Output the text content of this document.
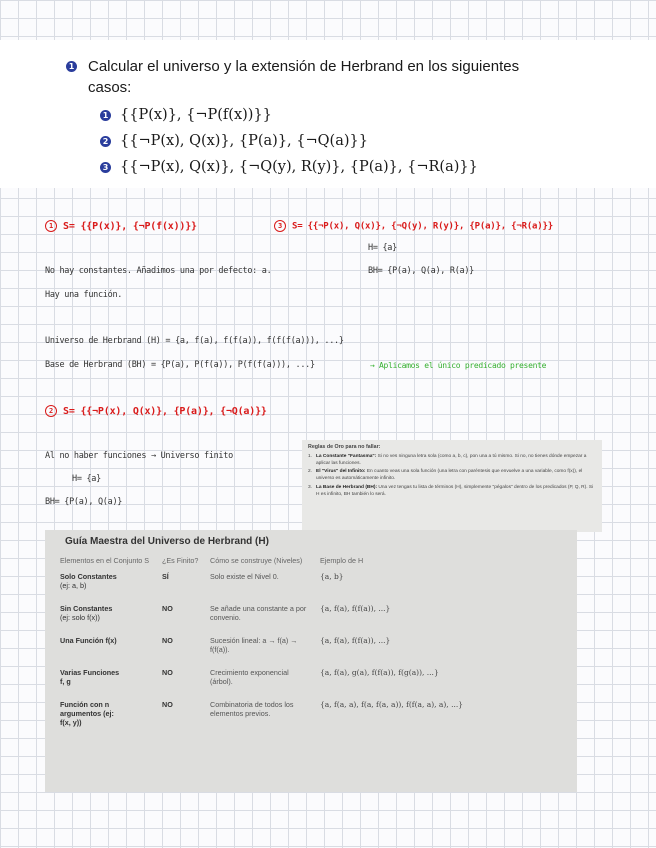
1 Calcular el universo y la extensión de Herbrand en los siguientes casos:
1 {{P(x)}, {¬P(f(x))}}
2 {{¬P(x), Q(x)}, {P(a)}, {¬Q(a)}}
3 {{¬P(x), Q(x)}, {¬Q(y), R(y)}, {P(a)}, {¬R(a)}}
1 S= {{P(x)}, {¬P(f(x))}}
No hay constantes. Añadimos una por defecto: a.
Hay una función.
Universo de Herbrand (H) = {a, f(a), f(f(a)), f(f(f(a))), ...}
Base de Herbrand (BH) = {P(a), P(f(a)), P(f(f(a))), ...}	→ Aplicamos el único predicado presente
3 S= {{¬P(x), Q(x)}, {¬Q(y), R(y)}, {P(a)}, {¬R(a)}}
H= {a}
BH= {P(a), Q(a), R(a)}
2 S= {{¬P(x), Q(x)}, {P(a)}, {¬Q(a)}}
Al no haber funciones → Universo finito
H= {a}
BH= {P(a), Q(a)}
Reglas de Oro para no fallar:
1. La Constante "Fantasma": Si no ves ninguna letra sola (como a, b, c), pon una a tú mismo. Si no, no tienes dónde empezar a aplicar las funciones.
2. El "Virus" del Infinito: En cuanto veas una sola función (una letra con paréntesis que envuelve a una variable, como f(x)), el universo es automáticamente infinito.
3. La Base de Herbrand (BH): Una vez tengas tu lista de términos (H), simplemente "pégalos" dentro de los predicados (P, Q, R). Si H es infinito, BH también lo será.
Guía Maestra del Universo de Herbrand (H)
Elementos en el Conjunto S	¿Es Finito?	Cómo se construye (Niveles)	Ejemplo de H
Solo Constantes
(ej: a, b)	SÍ	Solo existe el Nivel 0.	{a, b}
Sin Constantes
(ej: solo f(x))	NO	Se añade una constante a por convenio.	{a, f(a), f(f(a)), ...}
Una Función f(x)	NO	Sucesión lineal: a → f(a) → f(f(a)).	{a, f(a), f(f(a)), ...}
Varias Funciones
f, g	NO	Crecimiento exponencial (árbol).	{a, f(a), g(a), f(f(a)), f(g(a)), ...}
Función con n argumentos (ej:
f(x, y))	NO	Combinatoria de todos los elementos previos.	{a, f(a, a), f(a, f(a, a)), f(f(a, a), a), ...}
